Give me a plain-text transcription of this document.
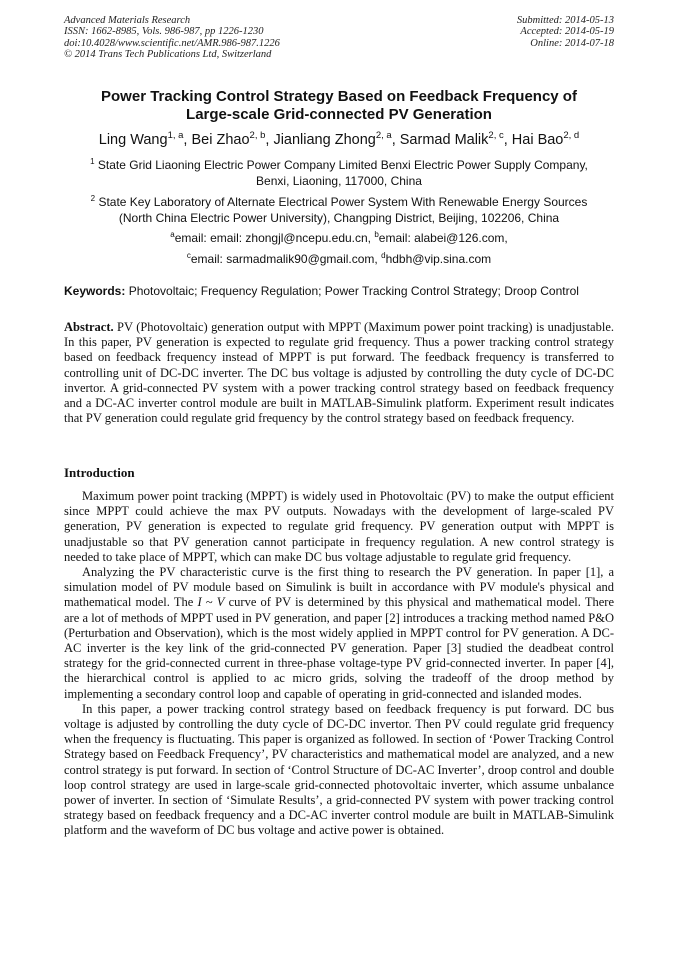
Advanced Materials Research
ISSN: 1662-8985, Vols. 986-987, pp 1226-1230
doi:10.4028/www.scientific.net/AMR.986-987.1226
© 2014 Trans Tech Publications Ltd, Switzerland
Submitted: 2014-05-13
Accepted: 2014-05-19
Online: 2014-07-18
Power Tracking Control Strategy Based on Feedback Frequency of
Large-scale Grid-connected PV Generation
Ling Wang$^{1, a}$, Bei Zhao$^{2, b}$, Jianliang Zhong$^{2, a}$, Sarmad Malik$^{2, c}$, Hai Bao$^{2, d}$
$^1$ State Grid Liaoning Electric Power Company Limited Benxi Electric Power Supply Company,
Benxi, Liaoning, 117000, China
$^2$ State Key Laboratory of Alternate Electrical Power System With Renewable Energy Sources
(North China Electric Power University), Changping District, Beijing, 102206, China
$^a$email: email: zhongjl@ncepu.edu.cn, $^b$email: alabei@126.com,
$^c$email: sarmadmalik90@gmail.com, $^d$hdbh@vip.sina.com
Keywords: Photovoltaic; Frequency Regulation; Power Tracking Control Strategy; Droop Control
Abstract. PV (Photovoltaic) generation output with MPPT (Maximum power point tracking) is unadjustable. In this paper, PV generation is expected to regulate grid frequency. Thus a power tracking control strategy based on feedback frequency instead of MPPT is put forward. The feedback frequency is transferred to controlling unit of DC-DC inverter. The DC bus voltage is adjusted by controlling the duty cycle of DC-DC invertor. A grid-connected PV system with a power tracking control strategy based on feedback frequency and a DC-AC inverter control module are built in MATLAB-Simulink platform. Experiment result indicates that PV generation could regulate grid frequency by the control strategy based on feedback frequency.
Introduction

Maximum power point tracking (MPPT) is widely used in Photovoltaic (PV) to make the output efficient since MPPT could achieve the max PV outputs. Nowadays with the development of large-scaled PV generation, PV generation is expected to regulate grid frequency. PV generation output with MPPT is unadjustable so that PV generation cannot participate in frequency regulation. A new control strategy is needed to take place of MPPT, which can make DC bus voltage adjustable to regulate grid frequency.

Analyzing the PV characteristic curve is the first thing to research the PV generation. In paper [1], a simulation model of PV module based on Simulink is built in accordance with PV module's physical and mathematical model. The I ~ V curve of PV is determined by this physical and mathematical model. There are a lot of methods of MPPT used in PV generation, and paper [2] introduces a tracking method named P&O (Perturbation and Observation), which is the most widely applied in MPPT control for PV generation. A DC-AC inverter is the key link of the grid-connected PV generation. Paper [3] studied the deadbeat control strategy for the grid-connected current in three-phase voltage-type PV grid-connected inverter. In paper [4], the hierarchical control is applied to ac micro grids, solving the tradeoff of the droop method by implementing a secondary control loop and capable of operating in grid-connected and islanded modes.

In this paper, a power tracking control strategy based on feedback frequency is put forward. DC bus voltage is adjusted by controlling the duty cycle of DC-DC invertor. Then PV could regulate grid frequency when the frequency is fluctuating. This paper is organized as followed. In section of ‘Power Tracking Control Strategy based on Feedback Frequency’, PV characteristics and mathematical model are analyzed, and a new control strategy is put forward. In section of ‘Control Structure of DC-AC Inverter’, droop control and double loop control strategy are used in large-scale grid-connected photovoltaic inverter, which assume unbalance power of inverter. In section of ‘Simulate Results’, a grid-connected PV system with power tracking control strategy based on feedback frequency and a DC-AC inverter control module are built in MATLAB-Simulink platform and the waveform of DC bus voltage and active power is obtained.
